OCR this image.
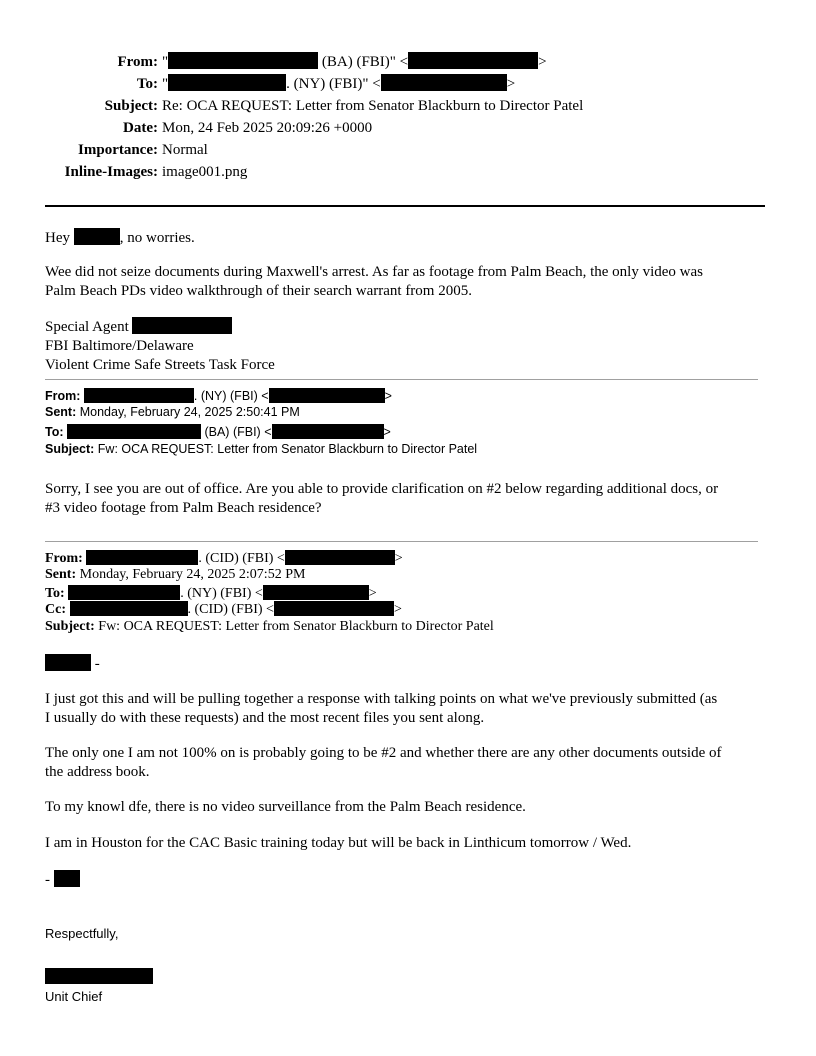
From: "	(BA) (FBI)" <	>
To: "	. (NY) (FBI)" <	>
Subject: Re: OCA REQUEST: Letter from Senator Blackburn to Director Patel
Date: Mon, 24 Feb 2025 20:09:26 +0000
Importance: Normal
Inline-Images: image001.png
Hey	, no worries.
Wee did not seize documents during Maxwell's arrest. As far as footage from Palm Beach, the only video was
Palm Beach PDs video walkthrough of their search warrant from 2005.
Special Agent
FBI Baltimore/Delaware
Violent Crime Safe Streets Task Force
From:	. (NY) (FBI) <	>
Sent: Monday, February 24, 2025 2:50:41 PM
To:	(BA) (FBI) <	>
Subject: Fw: OCA REQUEST: Letter from Senator Blackburn to Director Patel
Sorry, I see you are out of office. Are you able to provide clarification on #2 below regarding additional docs, or
#3 video footage from Palm Beach residence?
From:	. (CID) (FBI) <	>
Sent: Monday, February 24, 2025 2:07:52 PM
To:	. (NY) (FBI) <	>
Cc:	. (CID) (FBI) <	>
Subject: Fw: OCA REQUEST: Letter from Senator Blackburn to Director Patel
-
I just got this and will be pulling together a response with talking points on what we've previously submitted (as
I usually do with these requests) and the most recent files you sent along.
The only one I am not 100% on is probably going to be #2 and whether there are any other documents outside of
the address book.
To my knowl dfe, there is no video surveillance from the Palm Beach residence.
I am in Houston for the CAC Basic training today but will be back in Linthicum tomorrow / Wed.
-
Respectfully,
Unit Chief
